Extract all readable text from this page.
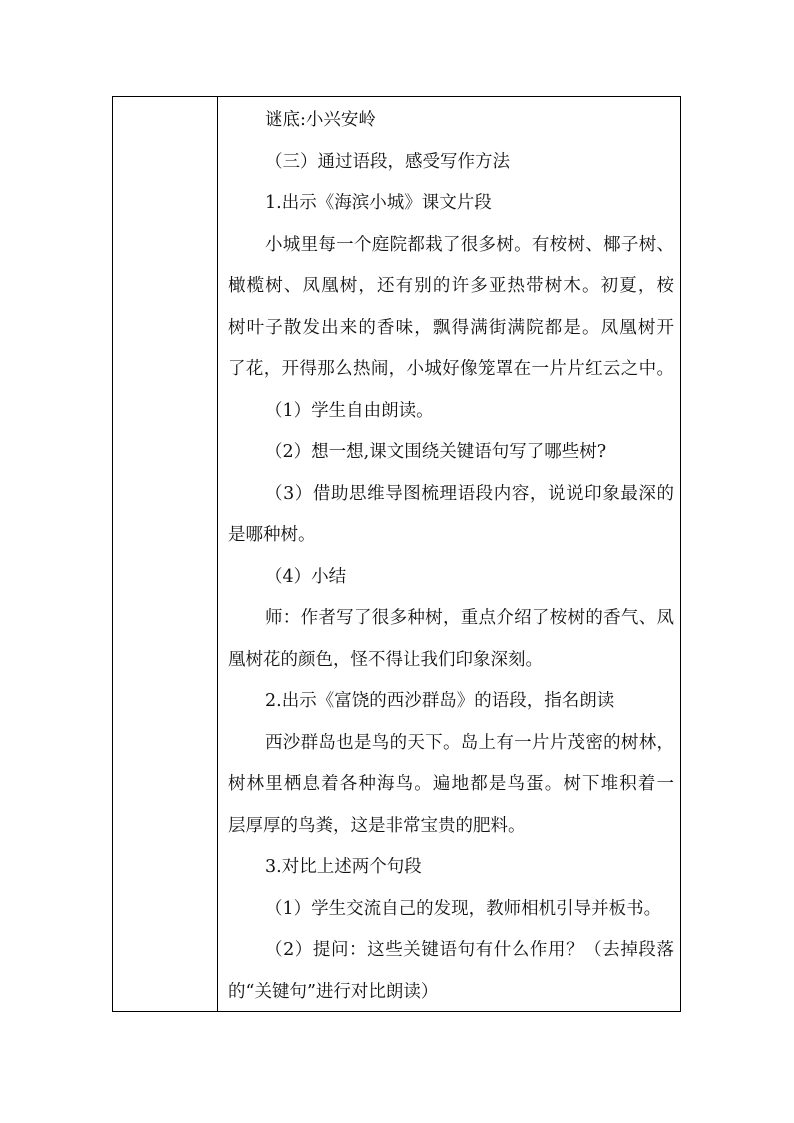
谜底:小兴安岭
（三）通过语段，感受写作方法
1.出示《海滨小城》课文片段
小城里每一个庭院都栽了很多树。有桉树、椰子树、
橄榄树、凤凰树，还有别的许多亚热带树木。初夏，桉
树叶子散发出来的香味，飘得满街满院都是。凤凰树开
了花，开得那么热闹，小城好像笼罩在一片片红云之中。
（1）学生自由朗读。
（2）想一想,课文围绕关键语句写了哪些树?
（3）借助思维导图梳理语段内容，说说印象最深的
是哪种树。
（4）小结
师：作者写了很多种树，重点介绍了桉树的香气、凤
凰树花的颜色，怪不得让我们印象深刻。
2.出示《富饶的西沙群岛》的语段，指名朗读
西沙群岛也是鸟的天下。岛上有一片片茂密的树林，
树林里栖息着各种海鸟。遍地都是鸟蛋。树下堆积着一
层厚厚的鸟粪，这是非常宝贵的肥料。
3.对比上述两个句段
（1）学生交流自己的发现，教师相机引导并板书。
（2）提问：这些关键语句有什么作用？（去掉段落
的“关键句”进行对比朗读）
